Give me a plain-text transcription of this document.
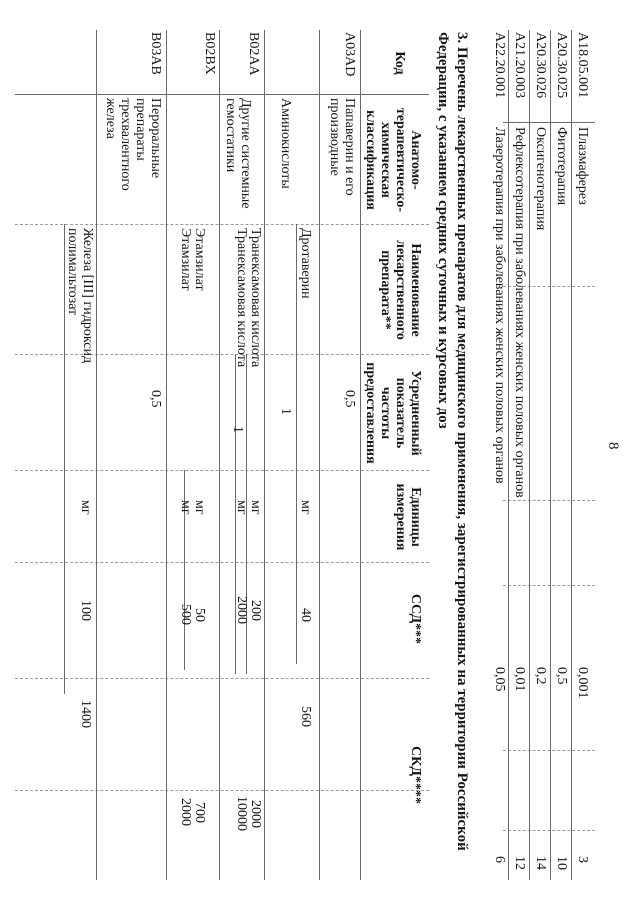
8
A18.05.001
Плазмаферез
0,001
3
A20.30.025
Фитотерапия
0,5
10
A20.30.026
Оксигенотерапия
0,2
14
A21.20.003
Рефлексотерапия при заболеваниях женских половых органов
0,01
12
A22.20.001
Лазеротерапия при заболеваниях женских половых органов
0,05
6
3. Перечень лекарственных препаратов для медицинского применения, зарегистрированных на территории Российской Федерации, с указанием средних суточных и курсовых доз
Код
Анатомо-терапевтическо-химическая классификация
Наименование лекарственного препарата**
Усредненный показатель частоты предоставления
Единицы измерения
ССД***
СКД****
A03AD
Папаверин и его производные
0,5
Дротаверин
мг
40
560
B02AA
Аминокислоты
1
Транексамовая кислота
мг
200
2000
Транексамовая кислота
мг
2000
10000
B02BX
Другие системные гемостатики
1
Этамзилат
мг
50
700
Этамзилат
мг
500
2000
B03AB
Пероральные препараты трехвалентного железа
0,5
Железа [III] гидроксид полимальтозат
мг
100
1400
